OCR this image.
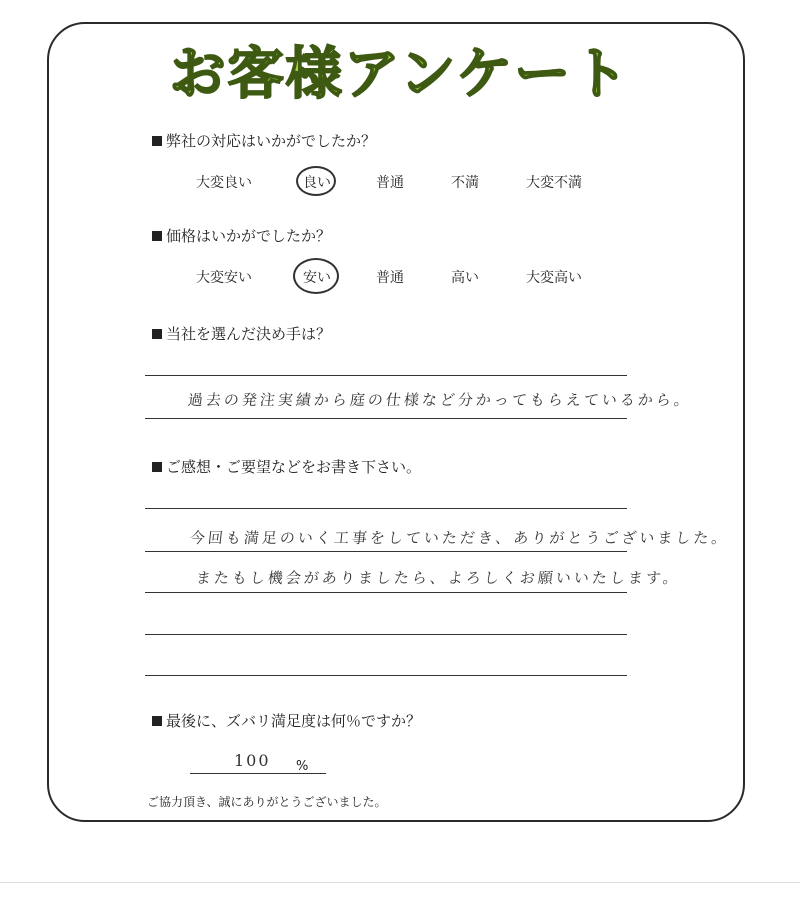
お客様アンケート
弊社の対応はいかがでしたか？
大変良い	良い	普通	不満	大変不満
価格はいかがでしたか？
大変安い	安い	普通	高い	大変高い
当社を選んだ決め手は？
過去の発注実績から庭の仕様など分かってもらえているから。
ご感想・ご要望などをお書き下さい。
今回も満足のいく工事をしていただき、ありがとうございました。
またもし機会がありましたら、よろしくお願いいたします。
最後に、ズバリ満足度は何％ですか？
100 %
ご協力頂き、誠にありがとうございました。
